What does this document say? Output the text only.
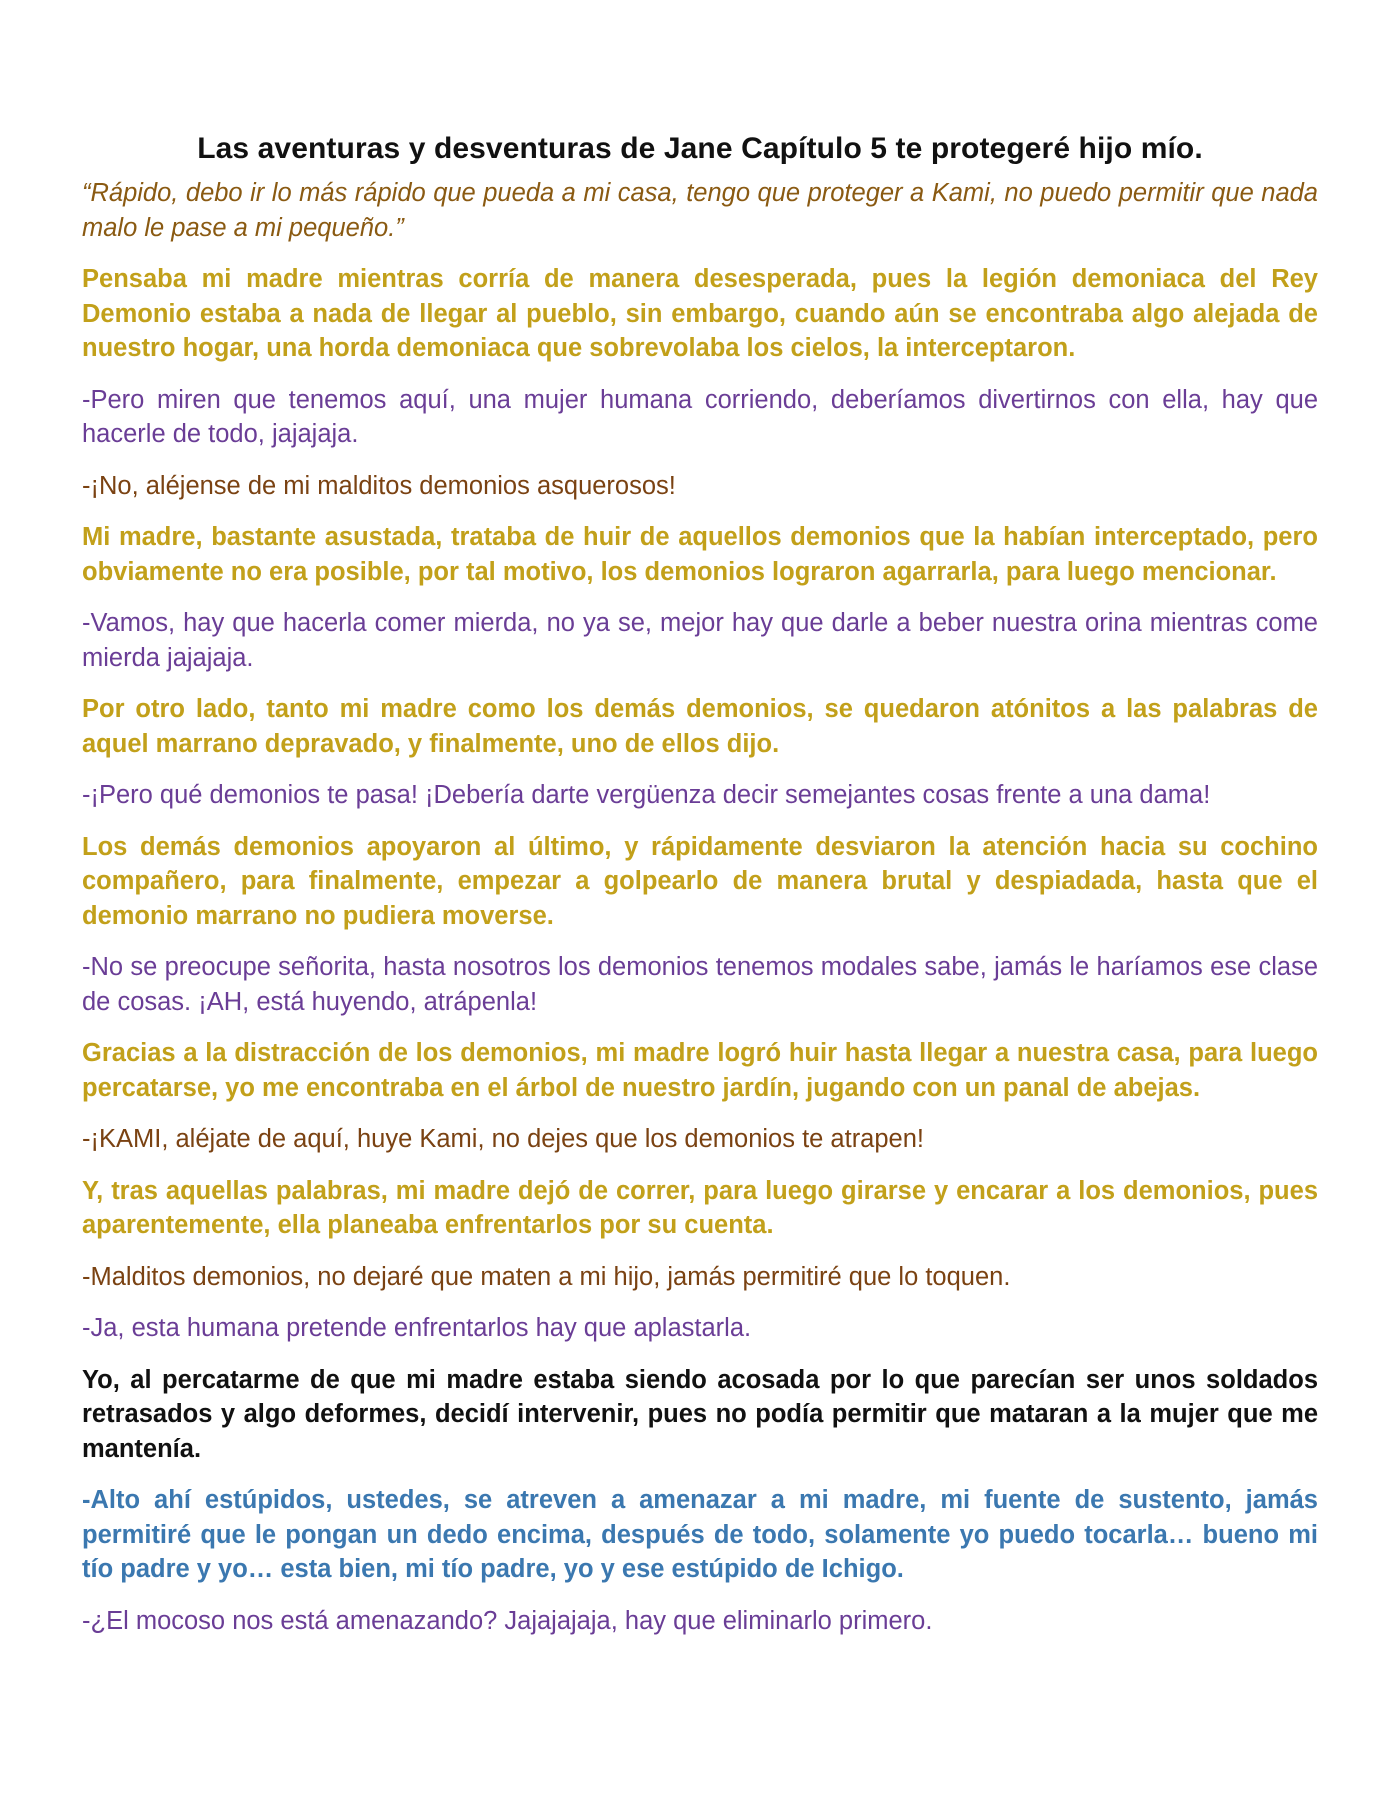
Las aventuras y desventuras de Jane Capítulo 5 te protegeré hijo mío.

“Rápido, debo ir lo más rápido que pueda a mi casa, tengo que proteger a Kami, no puedo permitir que nada malo le pase a mi pequeño.”

Pensaba mi madre mientras corría de manera desesperada, pues la legión demoniaca del Rey Demonio estaba a nada de llegar al pueblo, sin embargo, cuando aún se encontraba algo alejada de nuestro hogar, una horda demoniaca que sobrevolaba los cielos, la interceptaron.

-Pero miren que tenemos aquí, una mujer humana corriendo, deberíamos divertirnos con ella, hay que hacerle de todo, jajajaja.

-¡No, aléjense de mi malditos demonios asquerosos!

Mi madre, bastante asustada, trataba de huir de aquellos demonios que la habían interceptado, pero obviamente no era posible, por tal motivo, los demonios lograron agarrarla, para luego mencionar.

-Vamos, hay que hacerla comer mierda, no ya se, mejor hay que darle a beber nuestra orina mientras come mierda jajajaja.

Por otro lado, tanto mi madre como los demás demonios, se quedaron atónitos a las palabras de aquel marrano depravado, y finalmente, uno de ellos dijo.

-¡Pero qué demonios te pasa! ¡Debería darte vergüenza decir semejantes cosas frente a una dama!

Los demás demonios apoyaron al último, y rápidamente desviaron la atención hacia su cochino compañero, para finalmente, empezar a golpearlo de manera brutal y despiadada, hasta que el demonio marrano no pudiera moverse.

-No se preocupe señorita, hasta nosotros los demonios tenemos modales sabe, jamás le haríamos ese clase de cosas. ¡AH, está huyendo, atrápenla!

Gracias a la distracción de los demonios, mi madre logró huir hasta llegar a nuestra casa, para luego percatarse, yo me encontraba en el árbol de nuestro jardín, jugando con un panal de abejas.

-¡KAMI, aléjate de aquí, huye Kami, no dejes que los demonios te atrapen!

Y, tras aquellas palabras, mi madre dejó de correr, para luego girarse y encarar a los demonios, pues aparentemente, ella planeaba enfrentarlos por su cuenta.

-Malditos demonios, no dejaré que maten a mi hijo, jamás permitiré que lo toquen.

-Ja, esta humana pretende enfrentarlos hay que aplastarla.

Yo, al percatarme de que mi madre estaba siendo acosada por lo que parecían ser unos soldados retrasados y algo deformes, decidí intervenir, pues no podía permitir que mataran a la mujer que me mantenía.

-Alto ahí estúpidos, ustedes, se atreven a amenazar a mi madre, mi fuente de sustento, jamás permitiré que le pongan un dedo encima, después de todo, solamente yo puedo tocarla… bueno mi tío padre y yo… esta bien, mi tío padre, yo y ese estúpido de Ichigo.

-¿El mocoso nos está amenazando? Jajajajaja, hay que eliminarlo primero.
